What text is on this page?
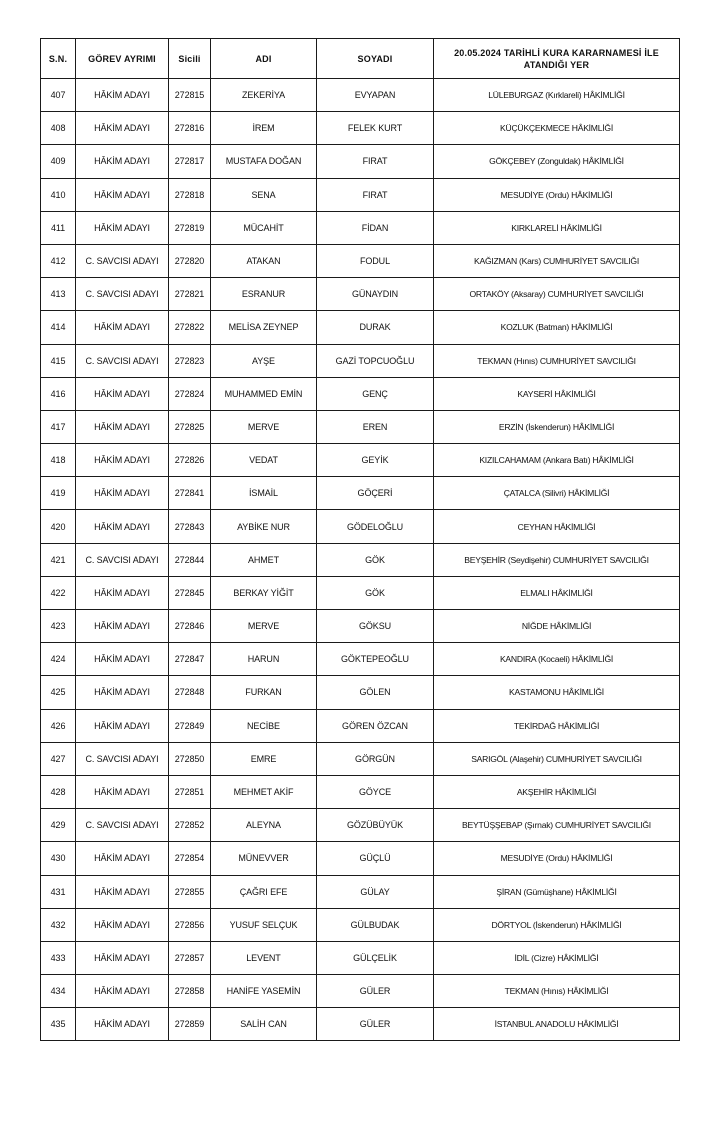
S.N.	GÖREV AYRIMI	Sicili	ADI	SOYADI	20.05.2024 TARİHLİ KURA KARARNAMESİ İLE ATANDIĞI YER
407	HÂKİM ADAYI	272815	ZEKERİYA	EVYAPAN	LÜLEBURGAZ (Kırklareli) HÂKİMLİĞİ
408	HÂKİM ADAYI	272816	İREM	FELEK KURT	KÜÇÜKÇEKMECE HÂKİMLİĞİ
409	HÂKİM ADAYI	272817	MUSTAFA DOĞAN	FIRAT	GÖKÇEBEY (Zonguldak) HÂKİMLİĞİ
410	HÂKİM ADAYI	272818	SENA	FIRAT	MESUDİYE (Ordu) HÂKİMLİĞİ
411	HÂKİM ADAYI	272819	MÜCAHİT	FİDAN	KIRKLARELİ HÂKİMLİĞİ
412	C. SAVCISI ADAYI	272820	ATAKAN	FODUL	KAĞIZMAN (Kars) CUMHURİYET SAVCILIĞI
413	C. SAVCISI ADAYI	272821	ESRANUR	GÜNAYDIN	ORTAKÖY (Aksaray) CUMHURİYET SAVCILIĞI
414	HÂKİM ADAYI	272822	MELİSA ZEYNEP	DURAK	KOZLUK (Batman) HÂKİMLİĞİ
415	C. SAVCISI ADAYI	272823	AYŞE	GAZİ TOPCUOĞLU	TEKMAN (Hınıs) CUMHURİYET SAVCILIĞI
416	HÂKİM ADAYI	272824	MUHAMMED EMİN	GENÇ	KAYSERİ HÂKİMLİĞİ
417	HÂKİM ADAYI	272825	MERVE	EREN	ERZİN (İskenderun) HÂKİMLİĞİ
418	HÂKİM ADAYI	272826	VEDAT	GEYİK	KIZILCAHAMAM (Ankara Batı) HÂKİMLİĞİ
419	HÂKİM ADAYI	272841	İSMAİL	GÖÇERİ	ÇATALCA (Silivri) HÂKİMLİĞİ
420	HÂKİM ADAYI	272843	AYBİKE NUR	GÖDELOĞLU	CEYHAN HÂKİMLİĞİ
421	C. SAVCISI ADAYI	272844	AHMET	GÖK	BEYŞEHİR (Seydişehir) CUMHURİYET SAVCILIĞI
422	HÂKİM ADAYI	272845	BERKAY YİĞİT	GÖK	ELMALI HÂKİMLİĞİ
423	HÂKİM ADAYI	272846	MERVE	GÖKSU	NİĞDE HÂKİMLİĞİ
424	HÂKİM ADAYI	272847	HARUN	GÖKTEPEOĞLU	KANDIRA (Kocaeli) HÂKİMLİĞİ
425	HÂKİM ADAYI	272848	FURKAN	GÖLEN	KASTAMONU HÂKİMLİĞİ
426	HÂKİM ADAYI	272849	NECİBE	GÖREN ÖZCAN	TEKİRDAĞ HÂKİMLİĞİ
427	C. SAVCISI ADAYI	272850	EMRE	GÖRGÜN	SARIGÖL (Alaşehir) CUMHURİYET SAVCILIĞI
428	HÂKİM ADAYI	272851	MEHMET AKİF	GÖYCE	AKŞEHİR HÂKİMLİĞİ
429	C. SAVCISI ADAYI	272852	ALEYNA	GÖZÜBÜYÜK	BEYTÜŞŞEBAP (Şırnak) CUMHURİYET SAVCILIĞI
430	HÂKİM ADAYI	272854	MÜNEVVER	GÜÇLÜ	MESUDİYE (Ordu) HÂKİMLİĞİ
431	HÂKİM ADAYI	272855	ÇAĞRI EFE	GÜLAY	ŞİRAN (Gümüşhane) HÂKİMLİĞİ
432	HÂKİM ADAYI	272856	YUSUF SELÇUK	GÜLBUDAK	DÖRTYOL (İskenderun) HÂKİMLİĞİ
433	HÂKİM ADAYI	272857	LEVENT	GÜLÇELİK	İDİL (Cizre) HÂKİMLİĞİ
434	HÂKİM ADAYI	272858	HANİFE YASEMİN	GÜLER	TEKMAN (Hınıs) HÂKİMLİĞİ
435	HÂKİM ADAYI	272859	SALİH CAN	GÜLER	İSTANBUL ANADOLU HÂKİMLİĞİ
